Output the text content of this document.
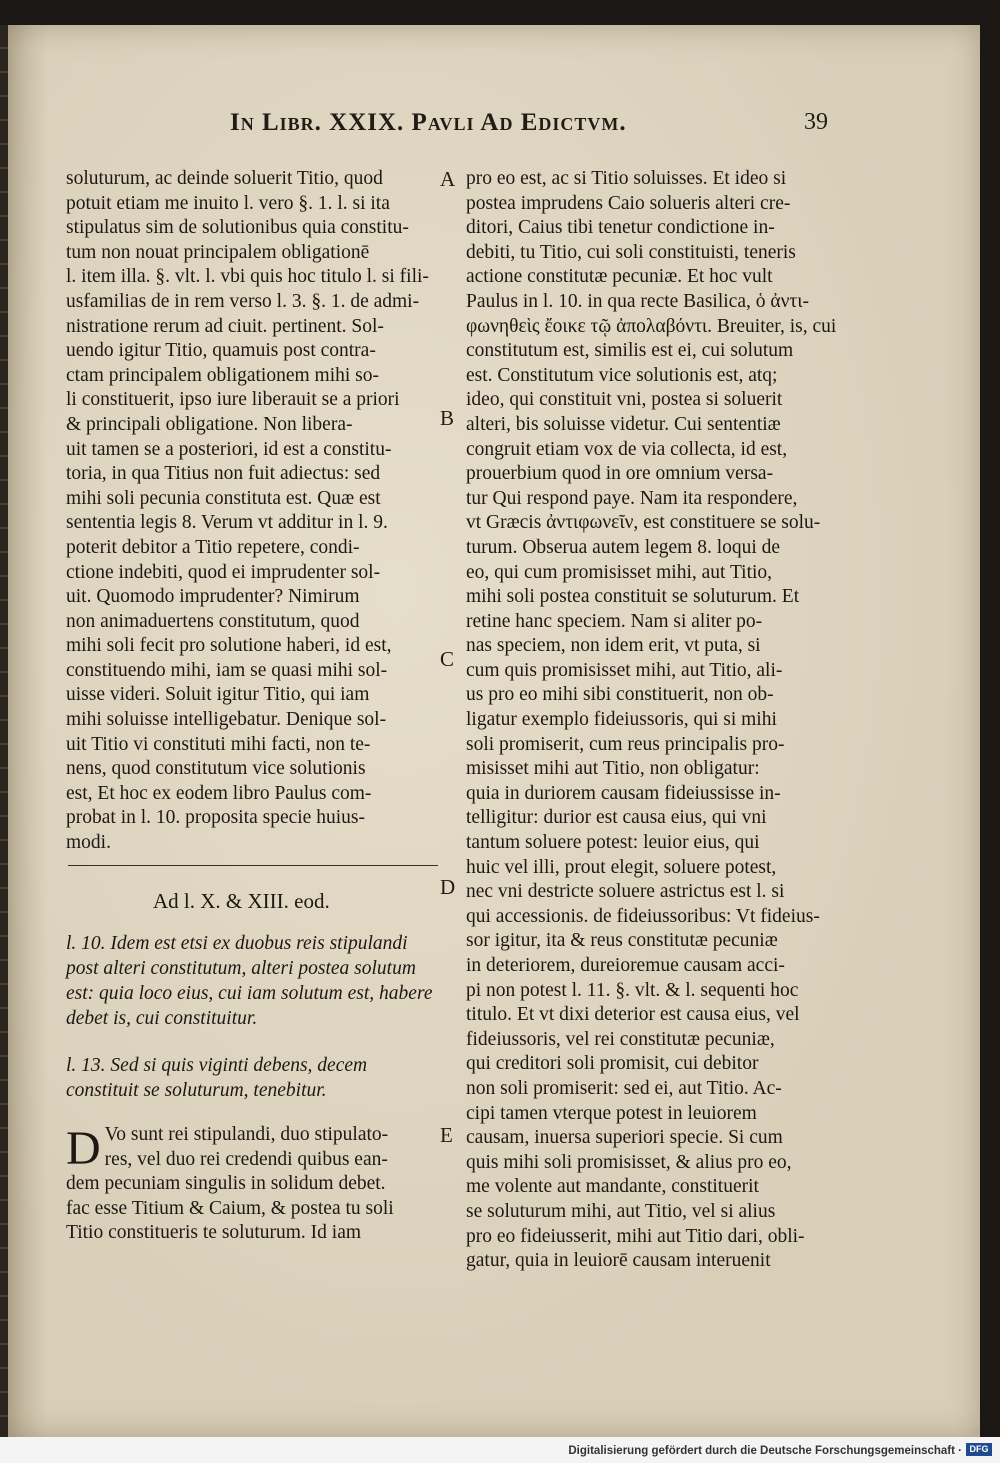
In Libr. XXIX. Pavli Ad Edictvm.	39
soluturum, ac deinde soluerit Titio, quod
potuit etiam me inuito l. vero §. 1. l. si ita
stipulatus sim de solutionibus quia constitu-
tum non nouat principalem obligationē
l. item illa. §. vlt. l. vbi quis hoc titulo l. si fili-
usfamilias de in rem verso l. 3. §. 1. de admi-
nistratione rerum ad ciuit. pertinent. Sol-
uendo igitur Titio, quamuis post contra-
ctam principalem obligationem mihi so-
li constituerit, ipso iure liberauit se a priori
& principali obligatione. Non libera-
uit tamen se a posteriori, id est a constitu-
toria, in qua Titius non fuit adiectus: sed
mihi soli pecunia constituta est. Quæ est
sententia legis 8. Verum vt additur in l. 9.
poterit debitor a Titio repetere, condi-
ctione indebiti, quod ei imprudenter sol-
uit. Quomodo imprudenter? Nimirum
non animaduertens constitutum, quod
mihi soli fecit pro solutione haberi, id est,
constituendo mihi, iam se quasi mihi sol-
uisse videri. Soluit igitur Titio, qui iam
mihi soluisse intelligebatur. Denique sol-
uit Titio vi constituti mihi facti, non te-
nens, quod constitutum vice solutionis
est, Et hoc ex eodem libro Paulus com-
probat in l. 10. proposita specie huius-
modi.
A
B
C
D
E
Ad l. X. & XIII. eod.
l. 10. Idem est etsi ex duobus reis stipulandi post alteri constitutum, alteri postea solutum est: quia loco eius, cui iam solutum est, habere debet is, cui constituitur.
l. 13. Sed si quis viginti debens, decem constituit se soluturum, tenebitur.
D Vo sunt rei stipulandi, duo stipulato-
res, vel duo rei credendi quibus ean-
dem pecuniam singulis in solidum debet.
fac esse Titium & Caium, & postea tu soli
Titio constitueris te soluturum. Id iam
pro eo est, ac si Titio soluisses. Et ideo si
postea imprudens Caio solueris alteri cre-
ditori, Caius tibi tenetur condictione in-
debiti, tu Titio, cui soli constituisti, teneris
actione constitutæ pecuniæ. Et hoc vult
Paulus in l. 10. in qua recte Basilica, ὁ ἀντι-
φωνηθεὶς ἔοικε τῷ ἀπολαβόντι. Breuiter, is, cui
constitutum est, similis est ei, cui solutum
est. Constitutum vice solutionis est, atq;
ideo, qui constituit vni, postea si soluerit
alteri, bis soluisse videtur. Cui sententiæ
congruit etiam vox de via collecta, id est,
prouerbium quod in ore omnium versa-
tur Qui respond paye. Nam ita respondere,
vt Græcis ἀντιφωνεῖν, est constituere se solu-
turum. Obserua autem legem 8. loqui de
eo, qui cum promisisset mihi, aut Titio,
mihi soli postea constituit se soluturum. Et
retine hanc speciem. Nam si aliter po-
nas speciem, non idem erit, vt puta, si
cum quis promisisset mihi, aut Titio, ali-
us pro eo mihi sibi constituerit, non ob-
ligatur exemplo fideiussoris, qui si mihi
soli promiserit, cum reus principalis pro-
misisset mihi aut Titio, non obligatur:
quia in duriorem causam fideiussisse in-
telligitur: durior est causa eius, qui vni
tantum soluere potest: leuior eius, qui
huic vel illi, prout elegit, soluere potest,
nec vni destricte soluere astrictus est l. si
qui accessionis. de fideiussoribus: Vt fideius-
sor igitur, ita & reus constitutæ pecuniæ
in deteriorem, dureioremue causam acci-
pi non potest l. 11. §. vlt. & l. sequenti hoc
titulo. Et vt dixi deterior est causa eius, vel
fideiussoris, vel rei constitutæ pecuniæ,
qui creditori soli promisit, cui debitor
non soli promiserit: sed ei, aut Titio. Ac-
cipi tamen vterque potest in leuiorem
causam, inuersa superiori specie. Si cum
quis mihi soli promisisset, & alius pro eo,
me volente aut mandante, constituerit
se soluturum mihi, aut Titio, vel si alius
pro eo fideiusserit, mihi aut Titio dari, obli-
gatur, quia in leuiorē causam interuenit
Digitalisierung gefördert durch die Deutsche Forschungsgemeinschaft · DFG
